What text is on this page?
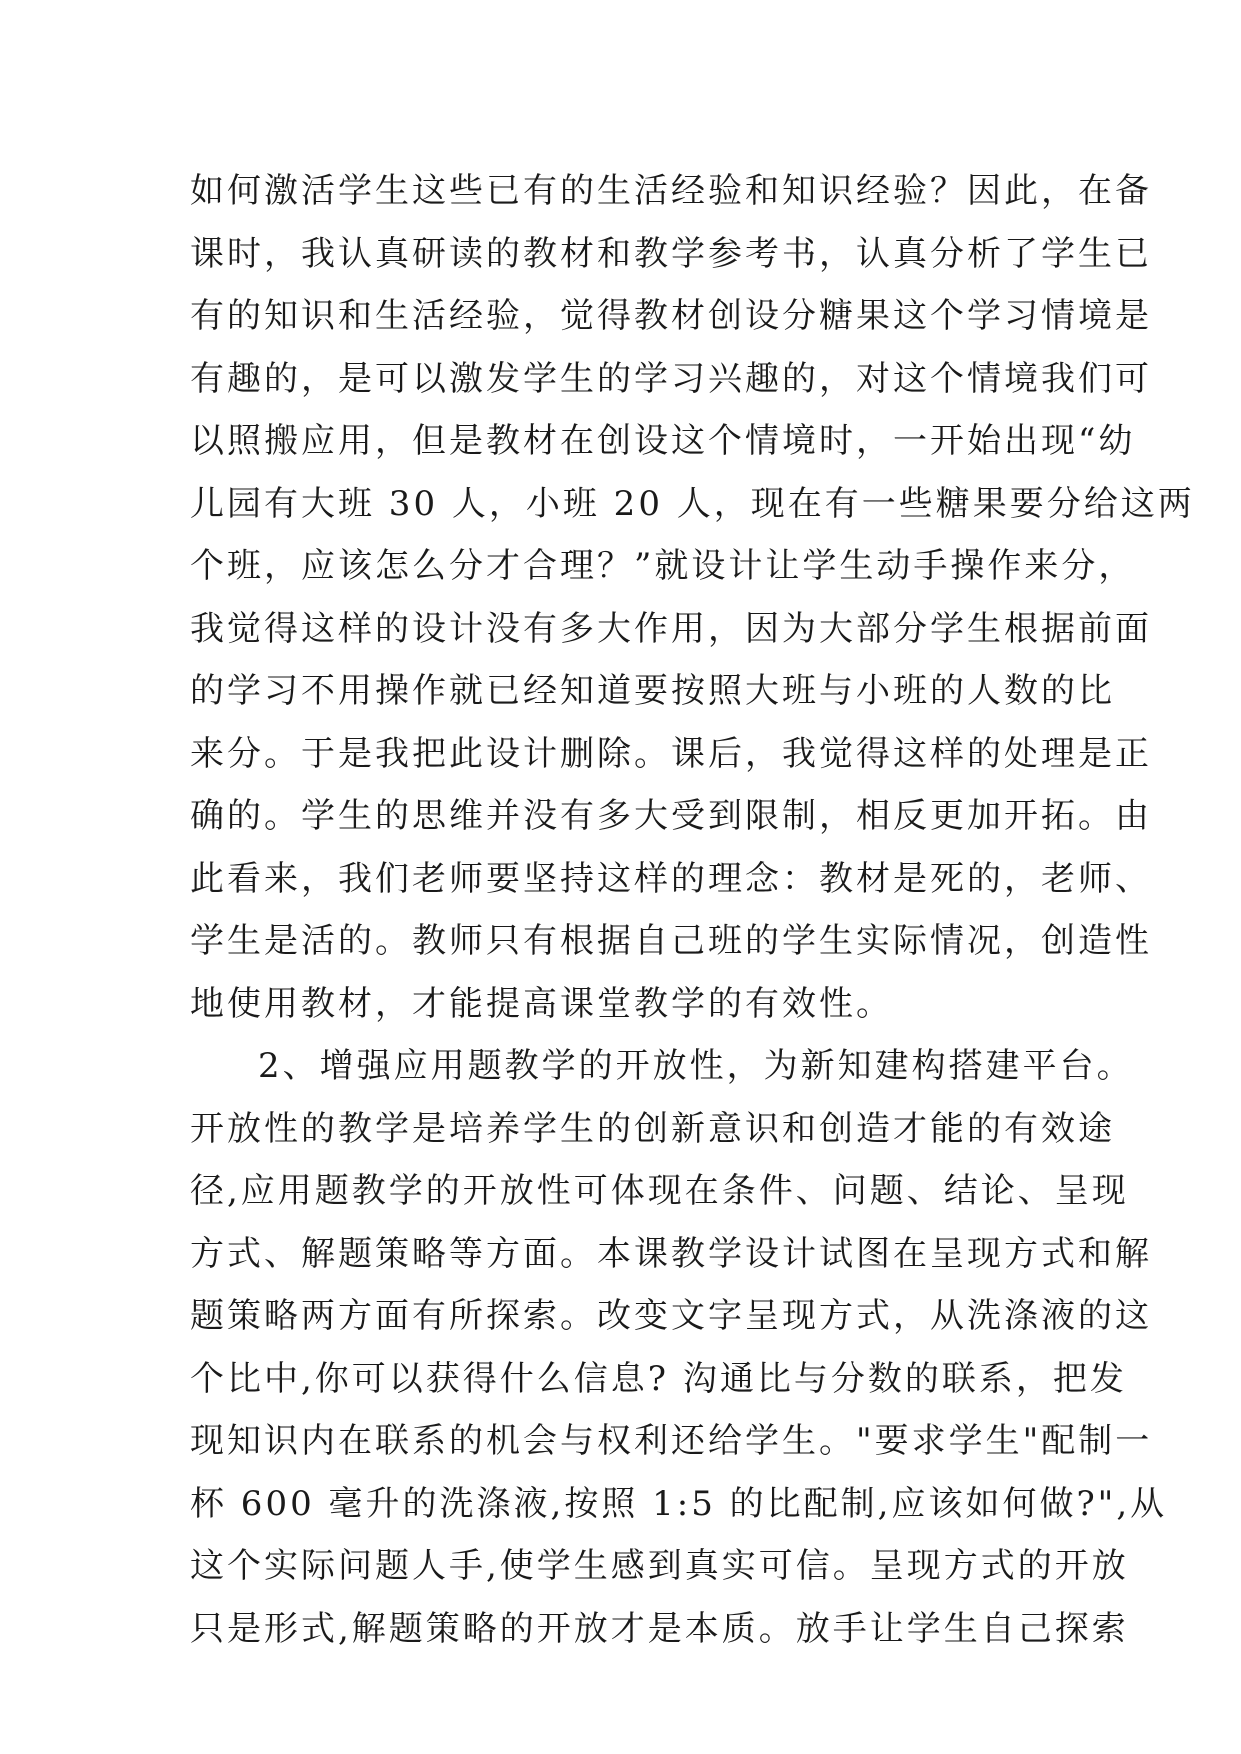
如何激活学生这些已有的生活经验和知识经验？因此，在备
课时，我认真研读的教材和教学参考书，认真分析了学生已
有的知识和生活经验，觉得教材创设分糖果这个学习情境是
有趣的，是可以激发学生的学习兴趣的，对这个情境我们可
以照搬应用，但是教材在创设这个情境时，一开始出现“幼
儿园有大班 30 人，小班 20 人，现在有一些糖果要分给这两
个班，应该怎么分才合理？”就设计让学生动手操作来分，
我觉得这样的设计没有多大作用，因为大部分学生根据前面
的学习不用操作就已经知道要按照大班与小班的人数的比
来分。于是我把此设计删除。课后，我觉得这样的处理是正
确的。学生的思维并没有多大受到限制，相反更加开拓。由
此看来，我们老师要坚持这样的理念：教材是死的，老师、
学生是活的。教师只有根据自己班的学生实际情况，创造性
地使用教材，才能提高课堂教学的有效性。
2、增强应用题教学的开放性，为新知建构搭建平台。
开放性的教学是培养学生的创新意识和创造才能的有效途
径,应用题教学的开放性可体现在条件、问题、结论、呈现
方式、解题策略等方面。本课教学设计试图在呈现方式和解
题策略两方面有所探索。改变文字呈现方式，从洗涤液的这
个比中,你可以获得什么信息? 沟通比与分数的联系，把发
现知识内在联系的机会与权利还给学生。"要求学生"配制一
杯 600 毫升的洗涤液,按照 1:5 的比配制,应该如何做?",从
这个实际问题人手,使学生感到真实可信。呈现方式的开放
只是形式,解题策略的开放才是本质。放手让学生自己探索
